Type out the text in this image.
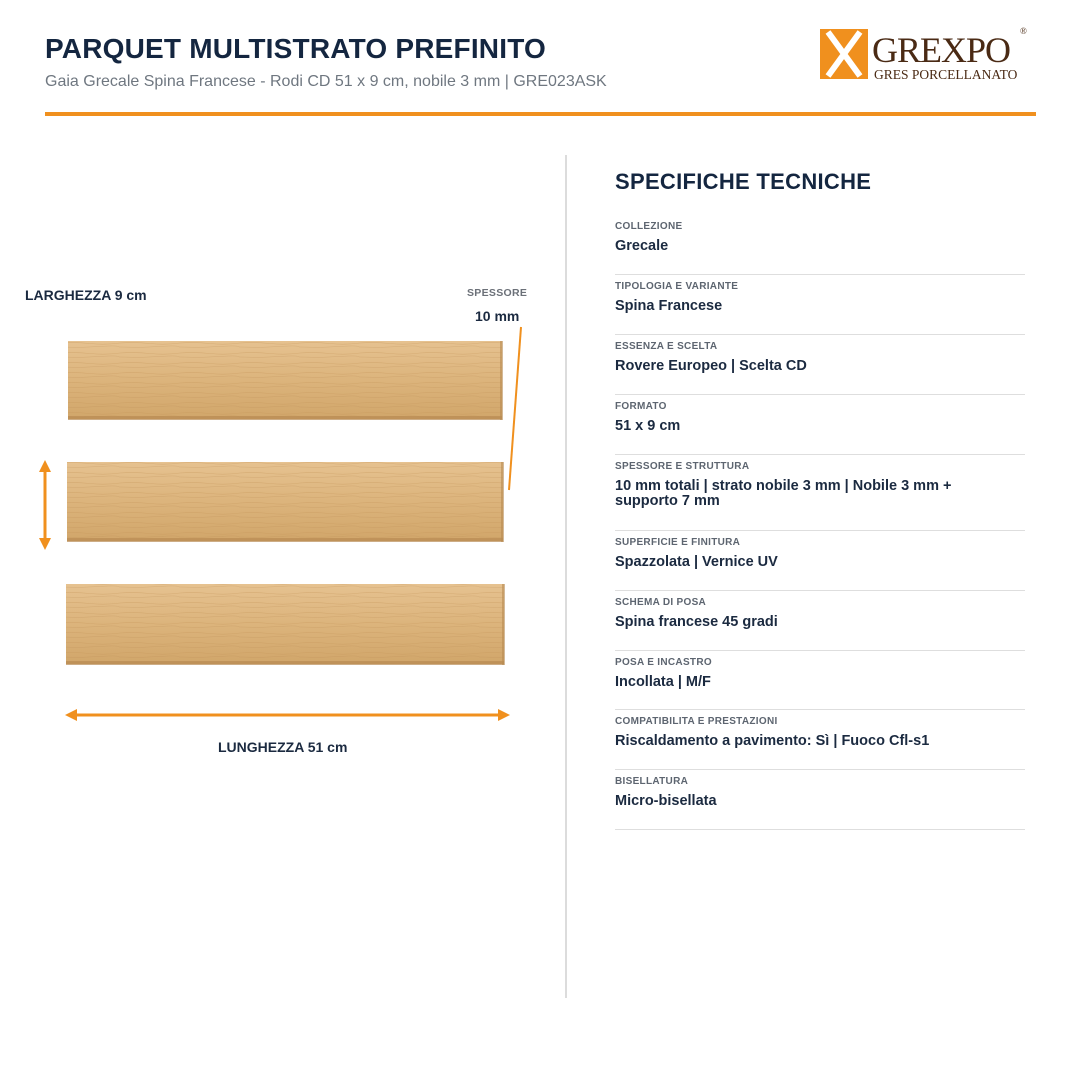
PARQUET MULTISTRATO PREFINITO
Gaia Grecale Spina Francese - Rodi CD 51 x 9 cm, nobile 3 mm | GRE023ASK
GREXPO ®
GRES PORCELLANATO
LARGHEZZA 9 cm	SPESSORE
10 mm
LUNGHEZZA 51 cm
SPECIFICHE TECNICHE
COLLEZIONE
Grecale
TIPOLOGIA E VARIANTE
Spina Francese
ESSENZA E SCELTA
Rovere Europeo | Scelta CD
FORMATO
51 x 9 cm
SPESSORE E STRUTTURA
10 mm totali | strato nobile 3 mm | Nobile 3 mm + supporto 7 mm
SUPERFICIE E FINITURA
Spazzolata | Vernice UV
SCHEMA DI POSA
Spina francese 45 gradi
POSA E INCASTRO
Incollata | M/F
COMPATIBILITA E PRESTAZIONI
Riscaldamento a pavimento: Sì | Fuoco Cfl-s1
BISELLATURA
Micro-bisellata
